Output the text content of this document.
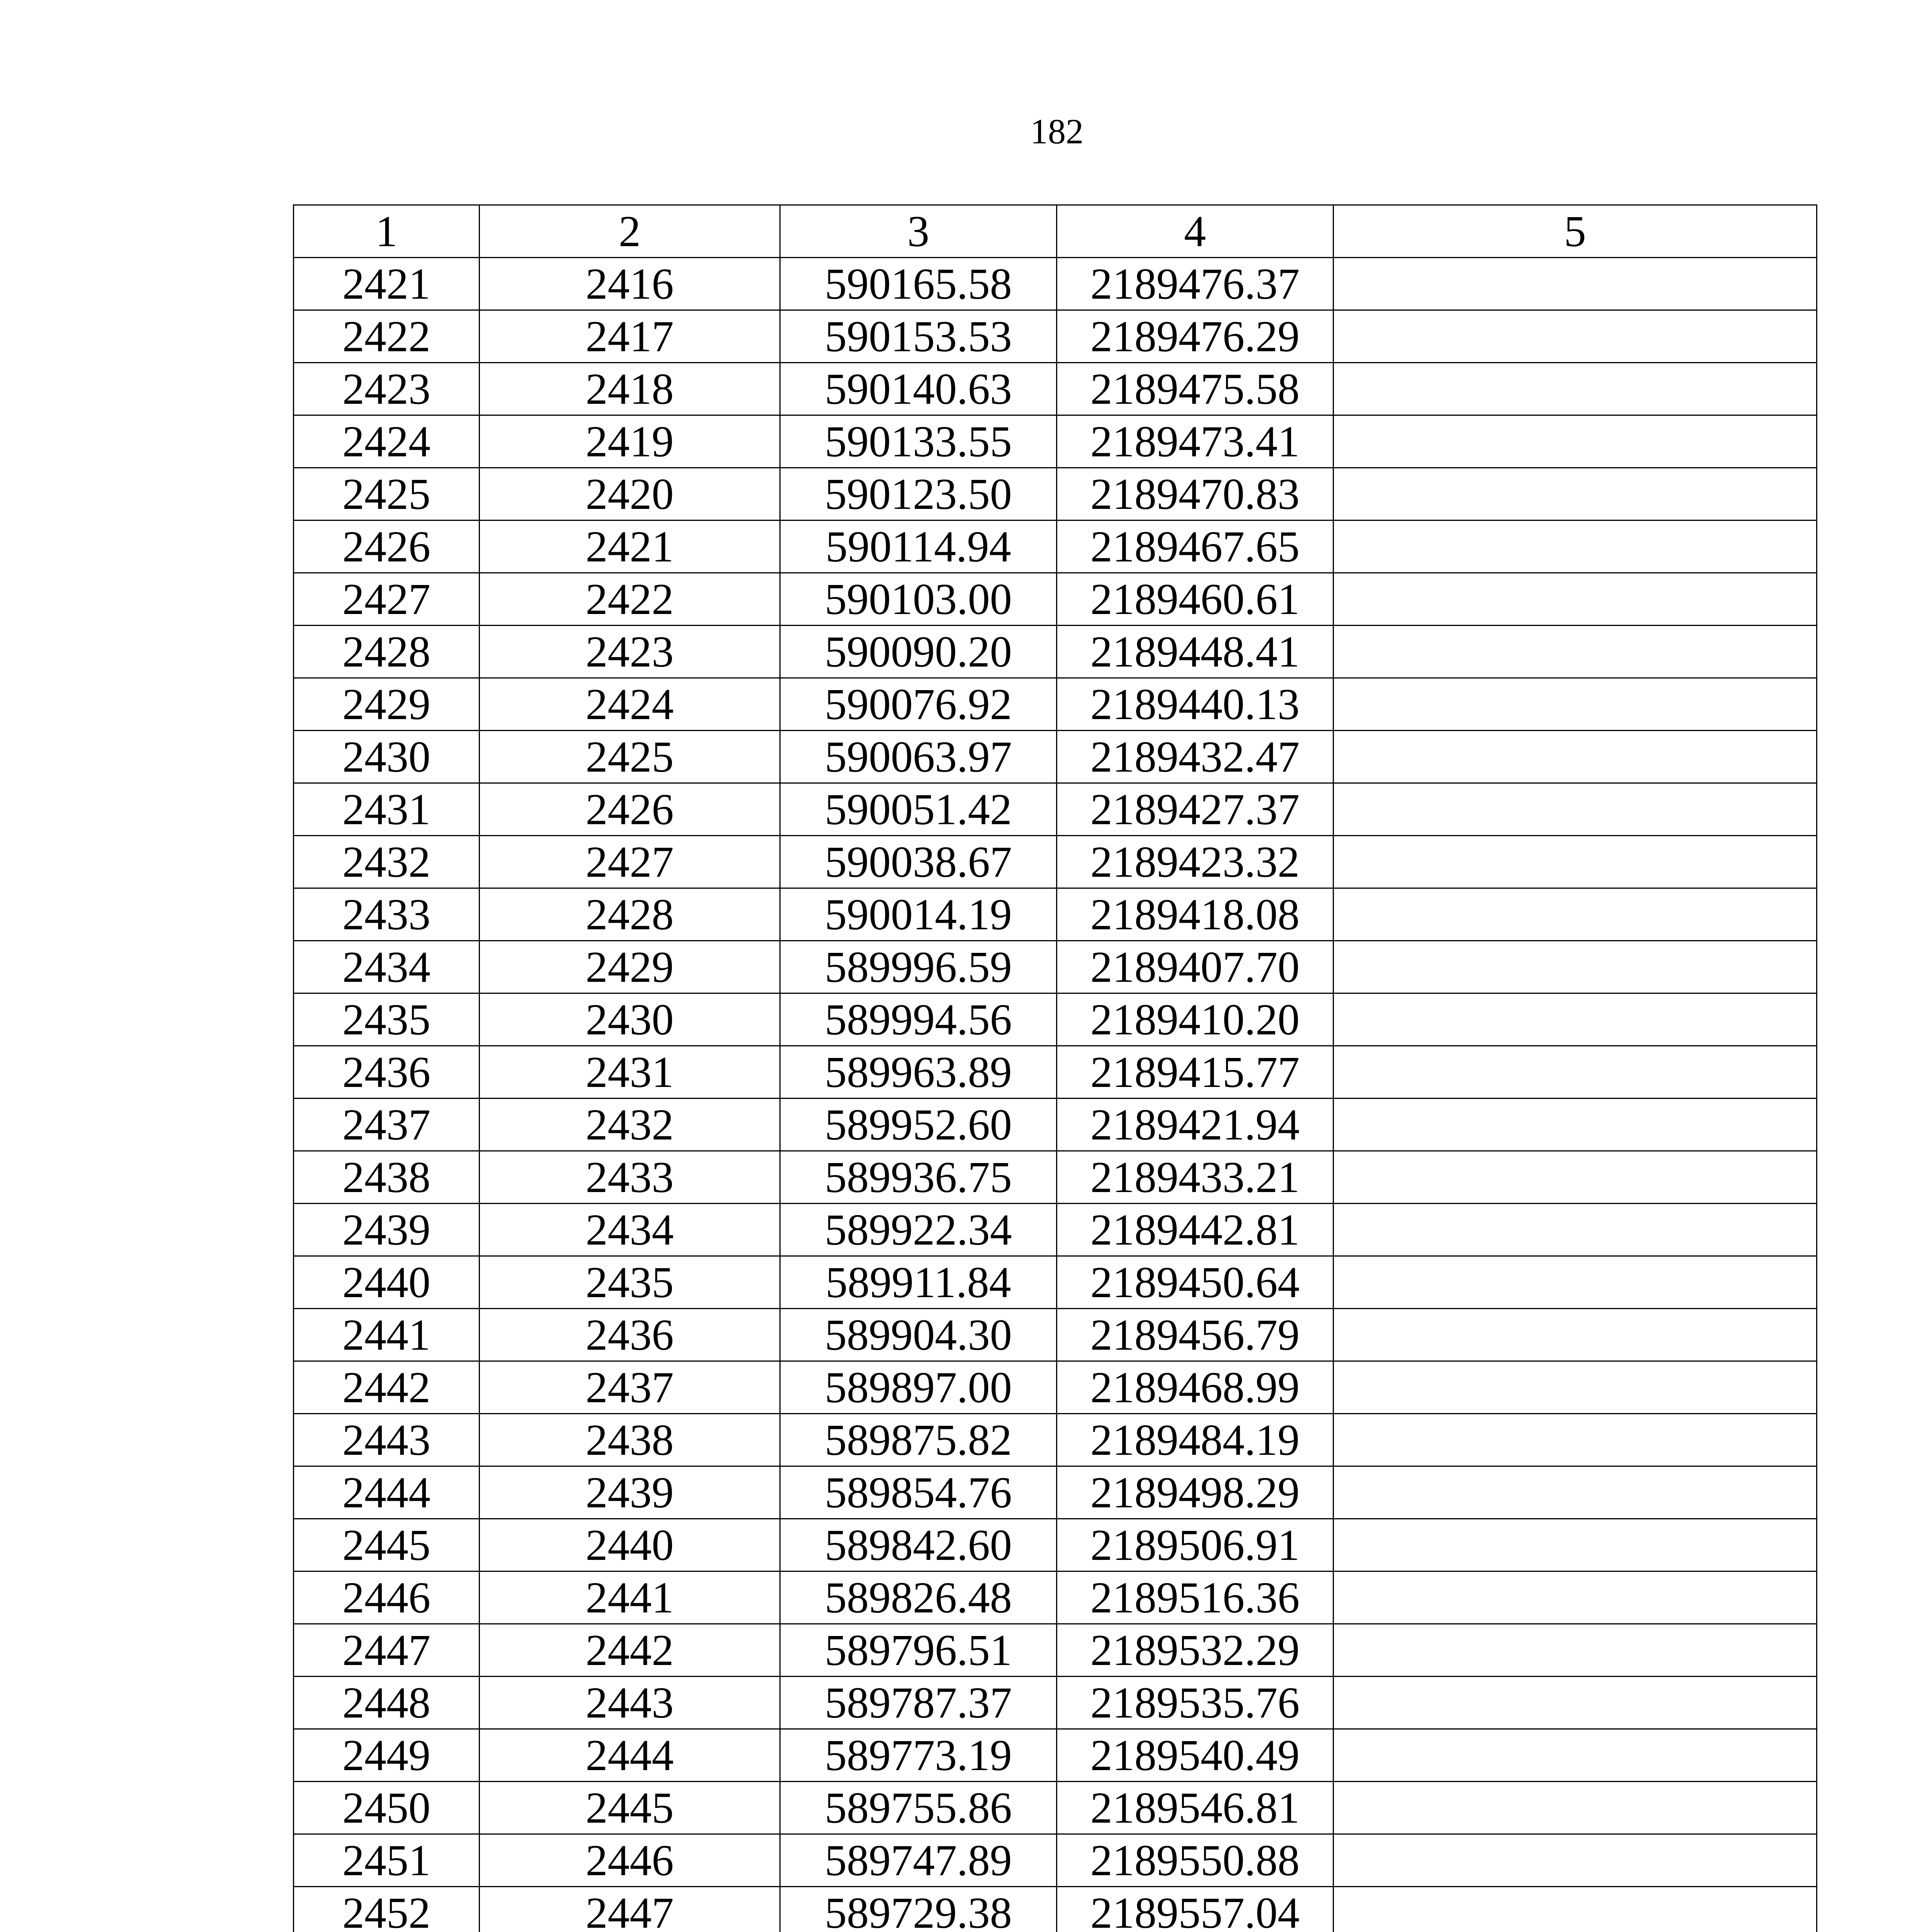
182
1	2	3	4	5
2421	2416	590165.58	2189476.37	
2422	2417	590153.53	2189476.29	
2423	2418	590140.63	2189475.58	
2424	2419	590133.55	2189473.41	
2425	2420	590123.50	2189470.83	
2426	2421	590114.94	2189467.65	
2427	2422	590103.00	2189460.61	
2428	2423	590090.20	2189448.41	
2429	2424	590076.92	2189440.13	
2430	2425	590063.97	2189432.47	
2431	2426	590051.42	2189427.37	
2432	2427	590038.67	2189423.32	
2433	2428	590014.19	2189418.08	
2434	2429	589996.59	2189407.70	
2435	2430	589994.56	2189410.20	
2436	2431	589963.89	2189415.77	
2437	2432	589952.60	2189421.94	
2438	2433	589936.75	2189433.21	
2439	2434	589922.34	2189442.81	
2440	2435	589911.84	2189450.64	
2441	2436	589904.30	2189456.79	
2442	2437	589897.00	2189468.99	
2443	2438	589875.82	2189484.19	
2444	2439	589854.76	2189498.29	
2445	2440	589842.60	2189506.91	
2446	2441	589826.48	2189516.36	
2447	2442	589796.51	2189532.29	
2448	2443	589787.37	2189535.76	
2449	2444	589773.19	2189540.49	
2450	2445	589755.86	2189546.81	
2451	2446	589747.89	2189550.88	
2452	2447	589729.38	2189557.04	
